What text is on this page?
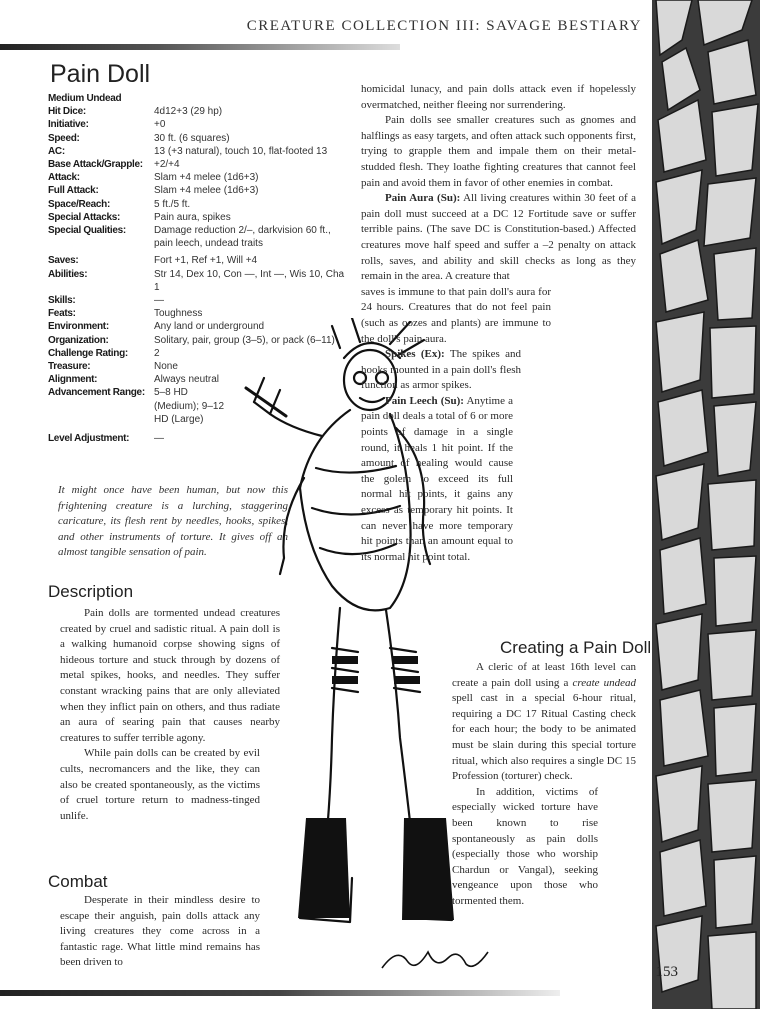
CREATURE COLLECTION III: SAVAGE BESTIARY
Pain Doll
Medium Undead
Hit Dice:	4d12+3 (29 hp)
Initiative:	+0
Speed:	30 ft. (6 squares)
AC:	13 (+3 natural), touch 10, flat-footed 13
Base Attack/Grapple:	+2/+4
Attack:	Slam +4 melee (1d6+3)
Full Attack:	Slam +4 melee (1d6+3)
Space/Reach:	5 ft./5 ft.
Special Attacks:	Pain aura, spikes
Special Qualities:	Damage reduction 2/–, darkvision 60 ft., pain leech, undead traits
Saves:	Fort +1, Ref +1, Will +4
Abilities:	Str 14, Dex 10, Con —, Int —, Wis 10, Cha 1
Skills:	—
Feats:	Toughness
Environment:	Any land or underground
Organization:	Solitary, pair, group (3–5), or pack (6–11)
Challenge Rating:	2
Treasure:	None
Alignment:	Always neutral
Advancement Range: 5–8 HD (Medium); 9–12 HD (Large)
Level Adjustment:	—
It might once have been human, but now this frightening creature is a lurching, staggering caricature, its flesh rent by needles, hooks, spikes, and other instruments of torture. It gives off an almost tangible sensation of pain.
Description

Pain dolls are tormented undead creatures created by cruel and sadistic ritual. A pain doll is a walking humanoid corpse showing signs of hideous torture and stuck through by dozens of metal spikes, hooks, and needles. They suffer constant wracking pains that are only alleviated when they inflict pain on others, and thus radiate an aura of searing pain that causes nearby creatures to suffer terrible agony.

While pain dolls can be created by evil cults, necromancers and the like, they can also be created spontaneously, as the victims of cruel torture return to madness-tinged unlife.

Combat

Desperate in their mindless desire to escape their anguish, pain dolls attack any living creatures they come across in a fantastic rage. What little mind remains has been driven to

homicidal lunacy, and pain dolls attack even if hopelessly overmatched, neither fleeing nor surrendering.

Pain dolls see smaller creatures such as gnomes and halflings as easy targets, and often attack such opponents first, trying to grapple them and impale them on their metal-studded flesh. They loathe fighting creatures that cannot feel pain and avoid them in favor of other enemies in combat.

Pain Aura (Su): All living creatures within 30 feet of a pain doll must succeed at a DC 12 Fortitude save or suffer terrible pains. (The save DC is Constitution-based.) Affected creatures move half speed and suffer a –2 penalty on attack rolls, saves, and ability and skill checks as long as they remain in the area. A creature that

saves is immune to that pain doll's aura for 24 hours. Creatures that do not feel pain (such as oozes and plants) are immune to the doll's pain aura.

Spikes (Ex): The spikes and hooks mounted in a pain doll's flesh function as armor spikes.

Pain Leech (Su): Anytime a pain doll deals a total of 6 or more points of damage in a single round, it heals 1 hit point. If the amount of healing would cause the golem to exceed its full normal hit points, it gains any excess as temporary hit points. It can never have more temporary hit points than an amount equal to its normal hit point total.

Creating a Pain Doll

A cleric of at least 16th level can create a pain doll using a create undead spell cast in a special 6-hour ritual, requiring a DC 17 Ritual Casting check for each hour; the body to be animated must be slain during this special torture ritual, which also requires a single DC 15 Profession (torturer) check.

In addition, victims of especially wicked torture have been known to rise spontaneously as pain dolls (especially those who worship Chardun or Vangal), seeking vengeance upon those who tormented them.

153
